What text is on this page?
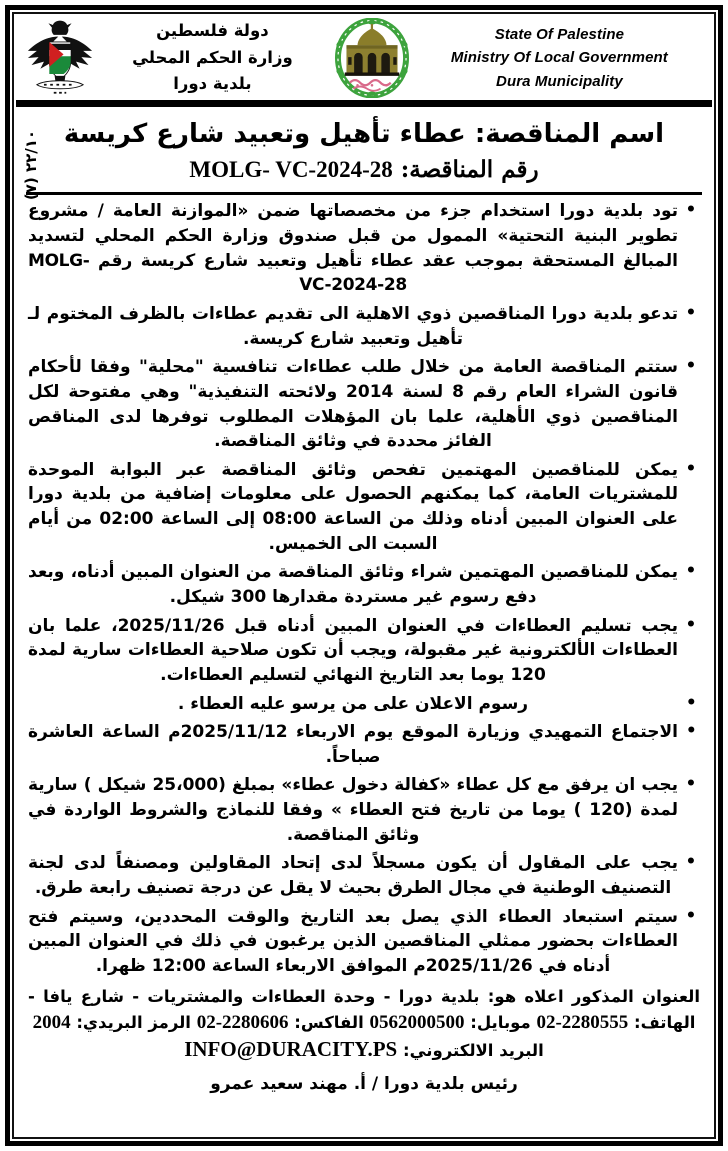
State Of Palestine
Ministry Of Local Government
Dura Municipality
دولة فلسطين
وزارة الحكم المحلي
بلدية دورا
٢٢/١٠ (٧) اسم المناقصة: عطاء تأهيل وتعبيد شارع كريسة
رقم المناقصة: MOLG- VC-2024-28
• تود بلدية دورا استخدام جزء من مخصصاتها ضمن «الموازنة العامة / مشروع تطوير البنية التحتية» الممول من قبل صندوق وزارة الحكم المحلي لتسديد المبالغ المستحقة بموجب عقد عطاء تأهيل وتعبيد شارع كريسة رقم MOLG- VC-2024-28
• تدعو بلدية دورا المناقصين ذوي الاهلية الى تقديم عطاءات بالظرف المختوم لـ تأهيل وتعبيد شارع كريسة.
• ستتم المناقصة العامة من خلال طلب عطاءات تنافسية "محلية" وفقا لأحكام قانون الشراء العام رقم 8 لسنة 2014 ولائحته التنفيذية" وهي مفتوحة لكل المناقصين ذوي الأهلية، علما بان المؤهلات المطلوب توفرها لدى المناقص الفائز محددة في وثائق المناقصة.
• يمكن للمناقصين المهتمين تفحص وثائق المناقصة عبر البوابة الموحدة للمشتريات العامة، كما يمكنهم الحصول على معلومات إضافية من بلدية دورا على العنوان المبين أدناه وذلك من الساعة 08:00 إلى الساعة 02:00 من أيام السبت الى الخميس.
• يمكن للمناقصين المهتمين شراء وثائق المناقصة من العنوان المبين أدناه، وبعد دفع رسوم غير مستردة مقدارها 300 شيكل.
• يجب تسليم العطاءات في العنوان المبين أدناه قبل 2025/11/26، علما بان العطاءات الألكترونية غير مقبولة، ويجب أن تكون صلاحية العطاءات سارية لمدة 120 يوما بعد التاريخ النهائي لتسليم العطاءات.
• رسوم الاعلان على من يرسو عليه العطاء .
• الاجتماع التمهيدي وزيارة الموقع يوم الاربعاء 2025/11/12م الساعة العاشرة صباحاً.
• يجب ان يرفق مع كل عطاء «كفالة دخول عطاء» بمبلغ (25،000 شيكل ) سارية لمدة (120 ) يوما من تاريخ فتح العطاء » وفقا للنماذج والشروط الواردة في وثائق المناقصة.
• يجب على المقاول أن يكون مسجلاً لدى إتحاد المقاولين ومصنفاً لدى لجنة التصنيف الوطنية في مجال الطرق بحيث لا يقل عن درجة تصنيف رابعة طرق.
• سيتم استبعاد العطاء الذي يصل بعد التاريخ والوقت المحددين، وسيتم فتح العطاءات بحضور ممثلي المناقصين الذين يرغبون في ذلك في العنوان المبين أدناه في 2025/11/26م الموافق الاربعاء الساعة 12:00 ظهرا.
العنوان المذكور اعلاه هو: بلدية دورا - وحدة العطاءات والمشتريات - شارع يافا - الهاتف: 02-2280555 موبايل: 0562000500 الفاكس: 02-2280606 الرمز البريدي: 2004
البريد الالكتروني: INFO@DURACITY.PS
رئيس بلدية دورا / أ. مهند سعيد عمرو
